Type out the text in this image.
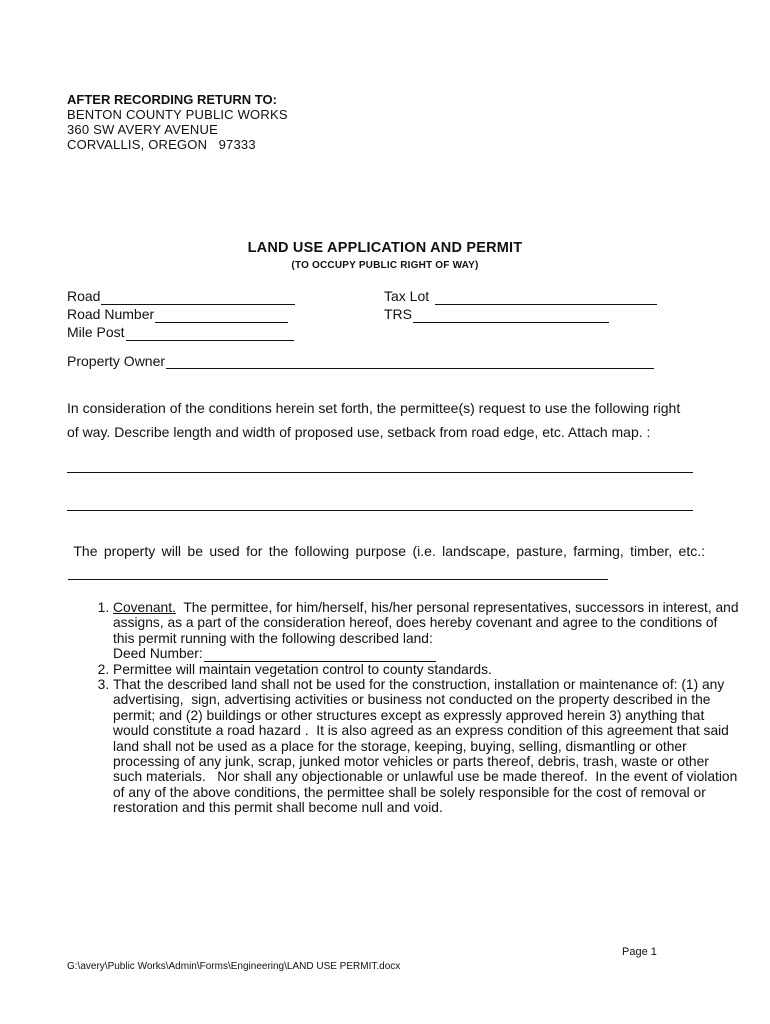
AFTER RECORDING RETURN TO:
BENTON COUNTY PUBLIC WORKS
360 SW AVERY AVENUE
CORVALLIS, OREGON   97333
LAND USE APPLICATION AND PERMIT
(TO OCCUPY PUBLIC RIGHT OF WAY)
Road
Road Number
Mile Post
Tax Lot
TRS
Property Owner
In consideration of the conditions herein set forth, the permittee(s) request to use the following right of way. Describe length and width of proposed use, setback from road edge, etc. Attach map. :
The property will be used for the following purpose (i.e. landscape, pasture, farming, timber, etc.:
1. Covenant.  The permittee, for him/herself, his/her personal representatives, successors in interest, and assigns, as a part of the consideration hereof, does hereby covenant and agree to the conditions of this permit running with the following described land:
Deed Number:
2. Permittee will maintain vegetation control to county standards.
3. That the described land shall not be used for the construction, installation or maintenance of: (1) any advertising,  sign, advertising activities or business not conducted on the property described in the permit; and (2) buildings or other structures except as expressly approved herein 3) anything that would constitute a road hazard .  It is also agreed as an express condition of this agreement that said land shall not be used as a place for the storage, keeping, buying, selling, dismantling or other processing of any junk, scrap, junked motor vehicles or parts thereof, debris, trash, waste or other such materials.   Nor shall any objectionable or unlawful use be made thereof.  In the event of violation of any of the above conditions, the permittee shall be solely responsible for the cost of removal or restoration and this permit shall become null and void.
Page 1
G:\avery\Public Works\Admin\Forms\Engineering\LAND USE PERMIT.docx
